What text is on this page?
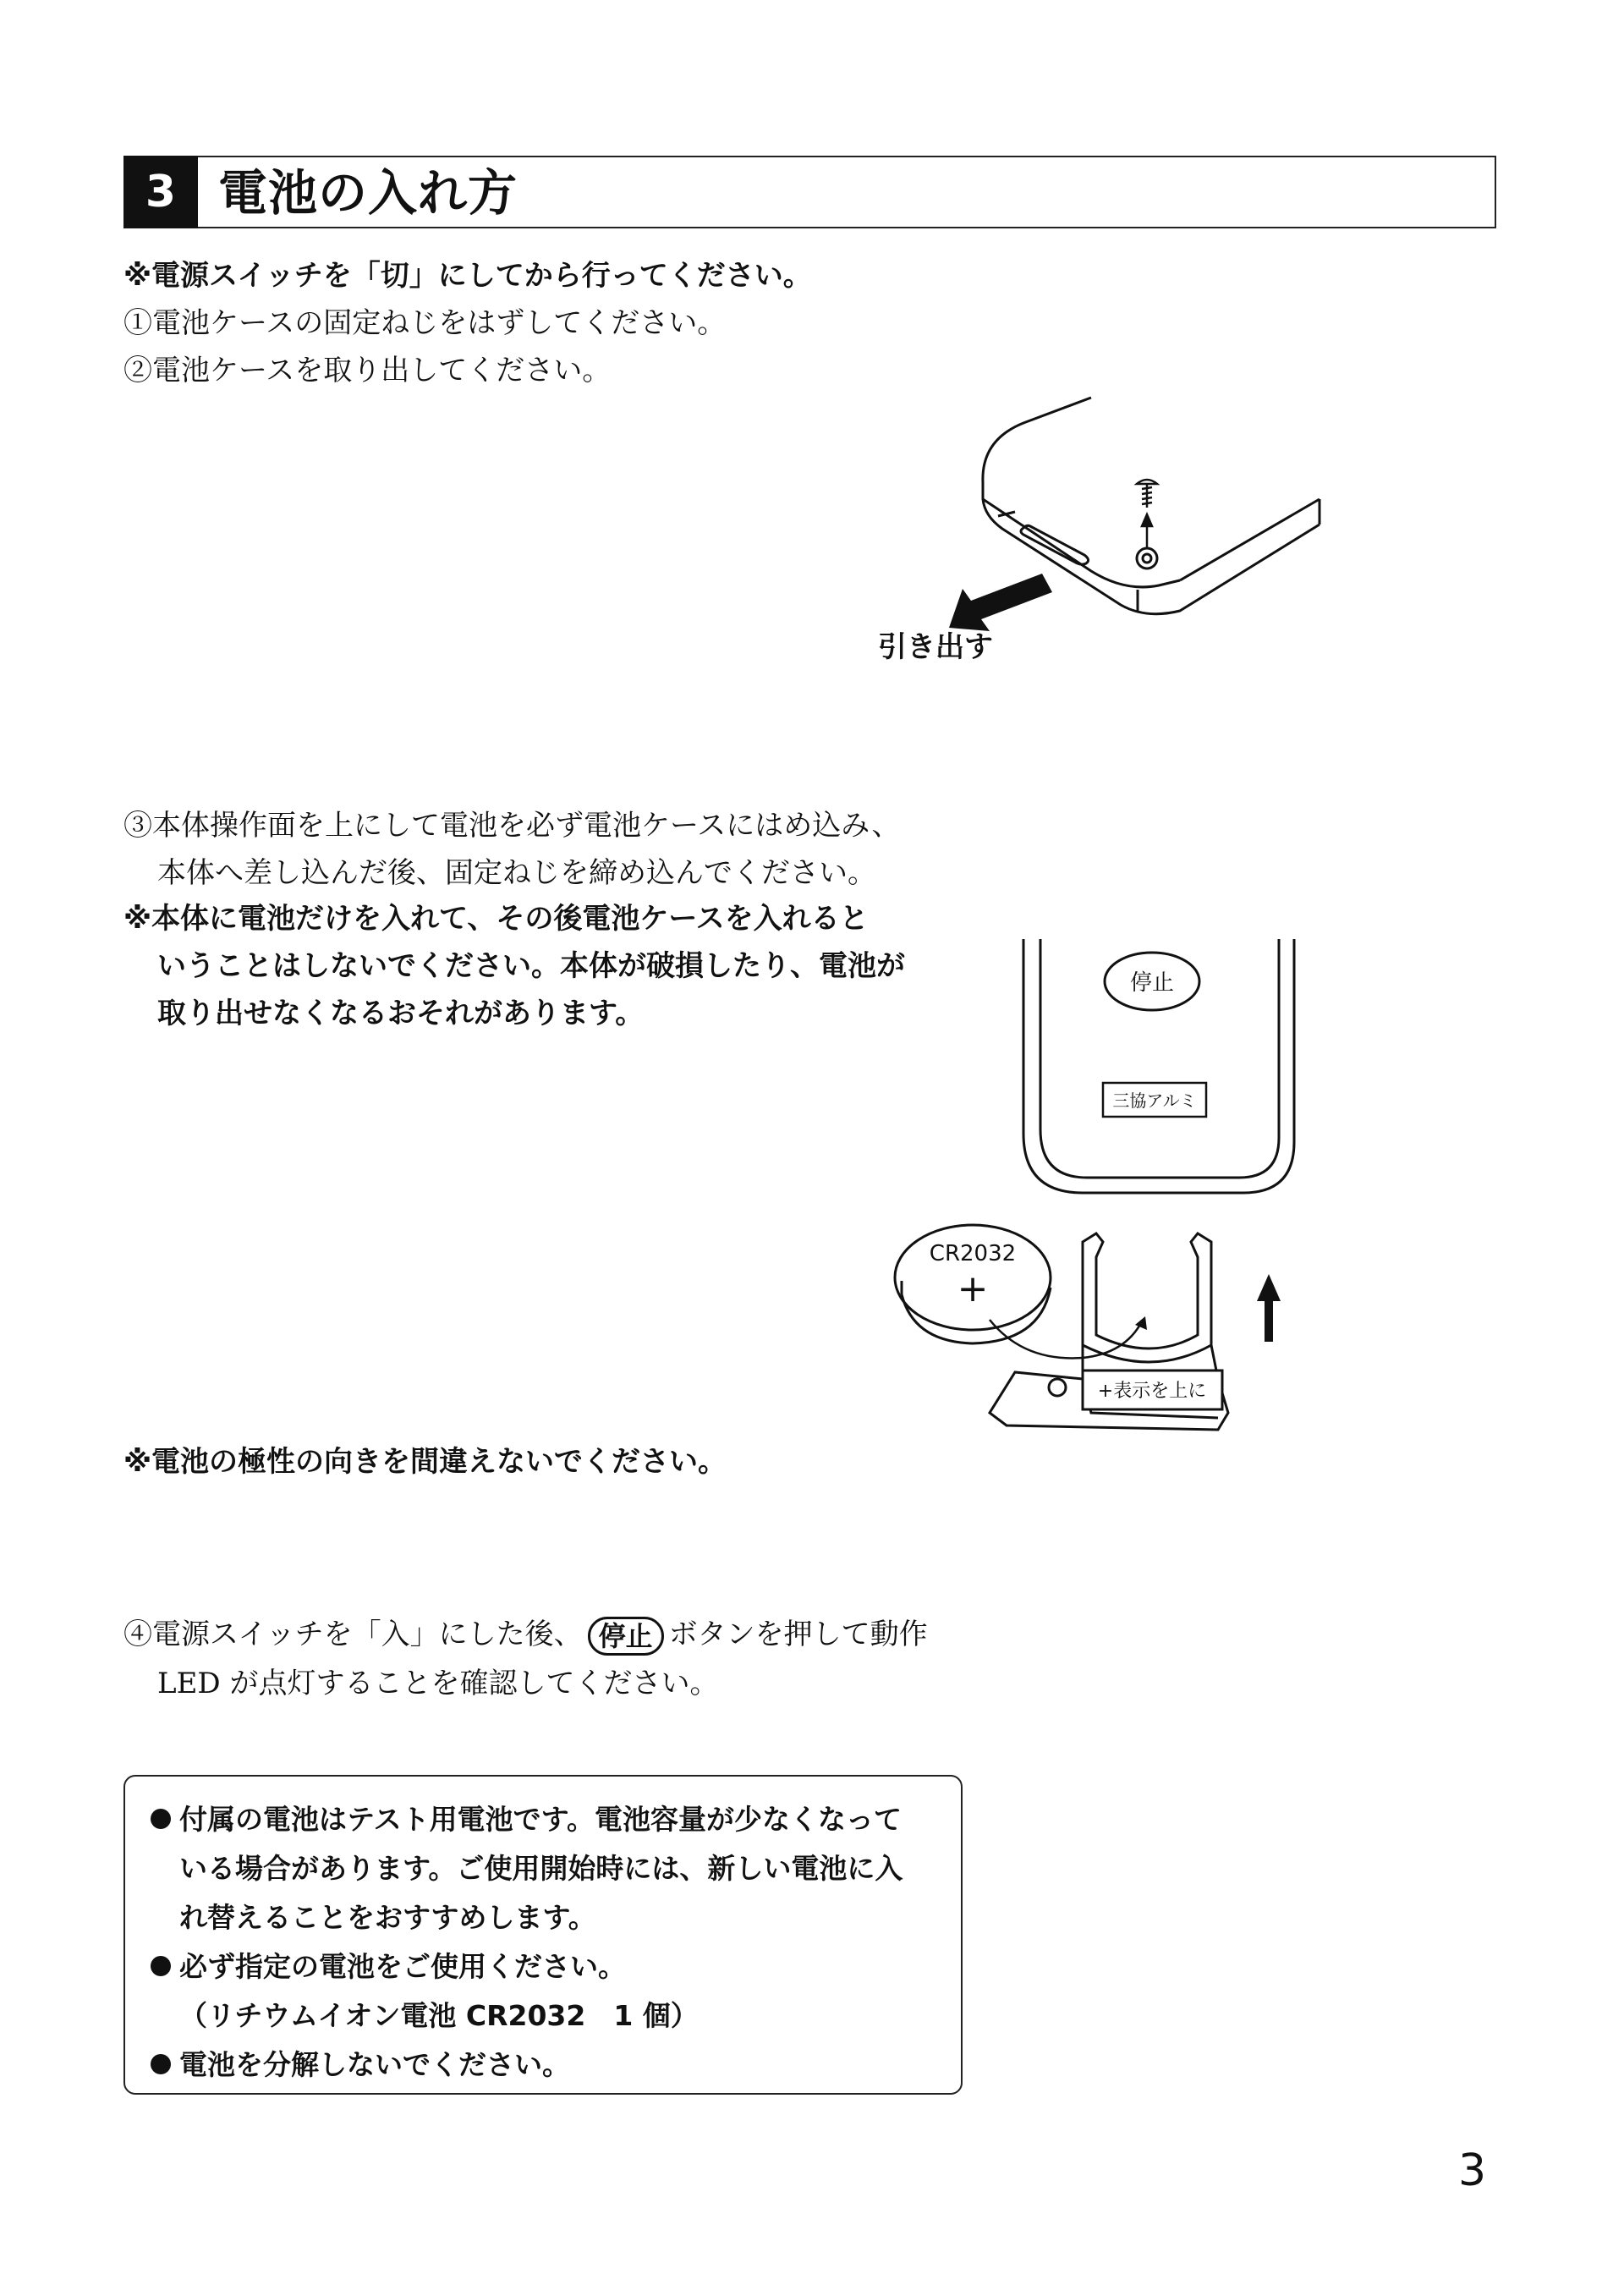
3 電池の入れ方
※電源スイッチを「切」にしてから行ってください。
①電池ケースの固定ねじをはずしてください。
②電池ケースを取り出してください。
引き出す
③本体操作面を上にして電池を必ず電池ケースにはめ込み、
本体へ差し込んだ後、固定ねじを締め込んでください。
※本体に電池だけを入れて、その後電池ケースを入れると
いうことはしないでください。本体が破損したり、電池が
取り出せなくなるおそれがあります。
停止
三協アルミ
CR2032
+
+表示を上に
※電池の極性の向きを間違えないでください。
④電源スイッチを「入」にした後、 停止 ボタンを押して動作
LED が点灯することを確認してください。
付属の電池はテスト用電池です。電池容量が少なくなって
いる場合があります。ご使用開始時には、新しい電池に入
れ替えることをおすすめします。
必ず指定の電池をご使用ください。
（リチウムイオン電池 CR2032　1 個）
電池を分解しないでください。
3
